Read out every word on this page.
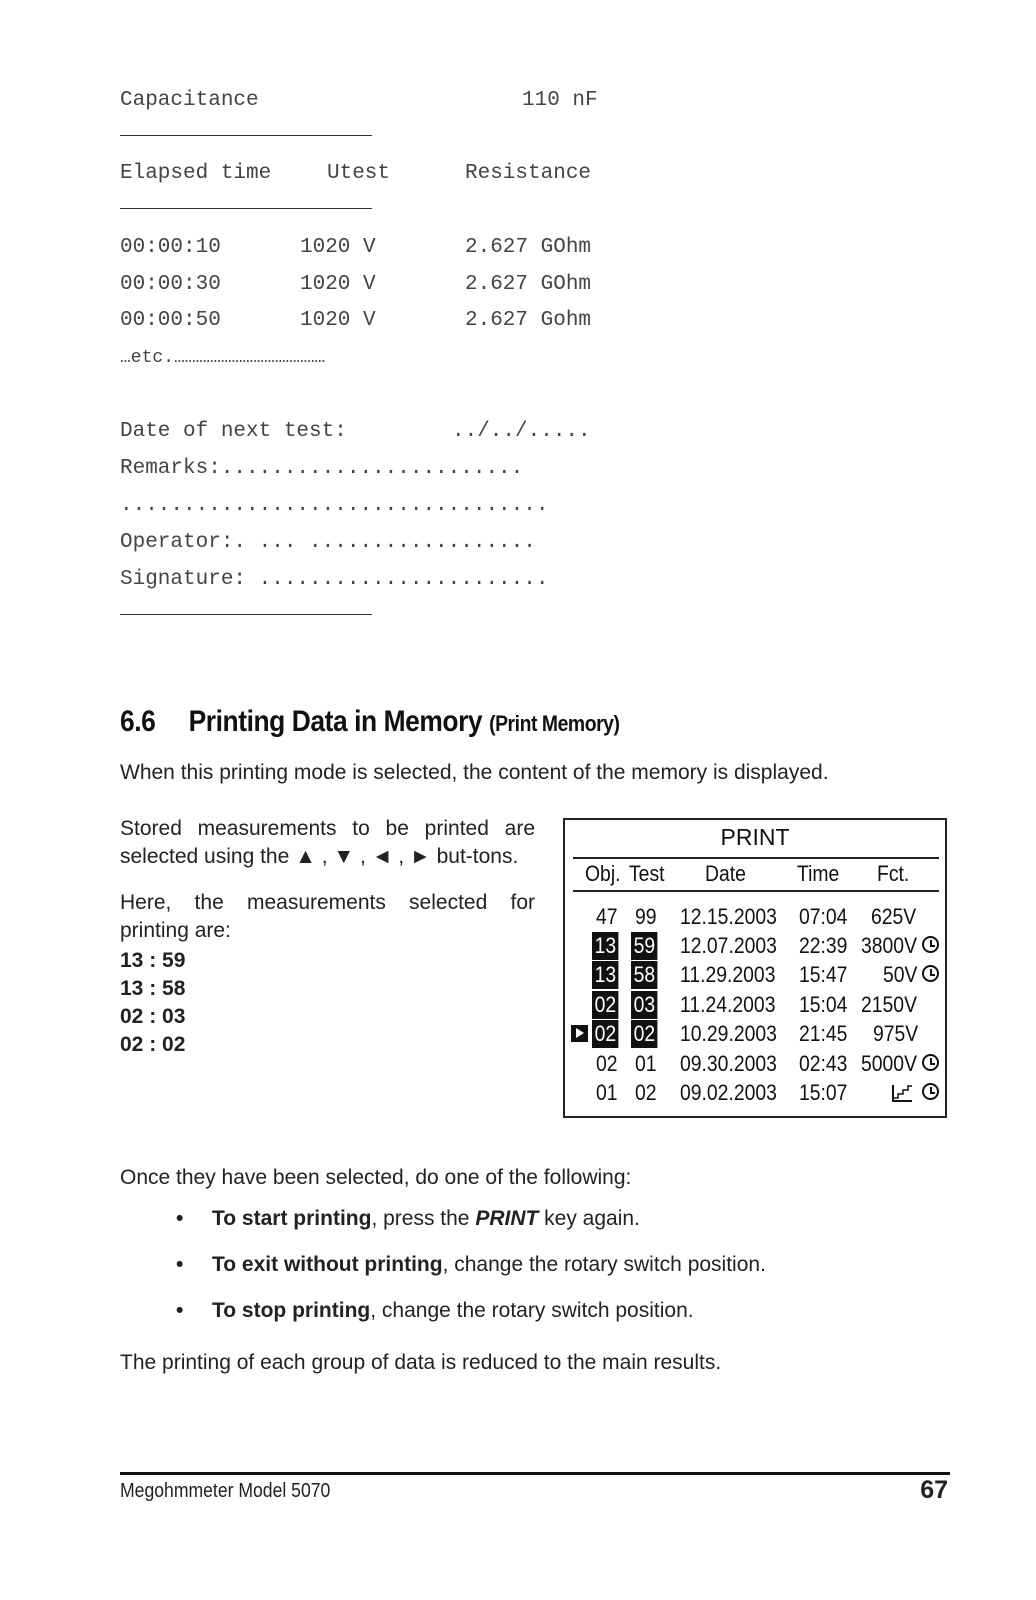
Capacitance	110 nF
Elapsed time	Utest	Resistance
00:00:10	1020 V	2.627 GOhm
00:00:30	1020 V	2.627 GOhm
00:00:50	1020 V	2.627 Gohm
…etc.……………………………………
Date of next test:	../../.....
Remarks:........................
..................................
Operator:. ... ..................
Signature: .......................
6.6 Printing Data in Memory (Print Memory)
When this printing mode is selected, the content of the memory is displayed.

Stored measurements to be printed are selected using the ▲ , ▼ , ◄ , ► but-tons.

Here, the measurements selected for printing are:

13 : 59
13 : 58
02 : 03
02 : 02
PRINT
Obj. Test Date Time Fct.
47 99 12.15.2003 07:04 625V
13 59 12.07.2003 22:39 3800V
13 58 11.29.2003 15:47 50V
02 03 11.24.2003 15:04 2150V
02 02 10.29.2003 21:45 975V
02 01 09.30.2003 02:43 5000V
01 02 09.02.2003 15:07
Once they have been selected, do one of the following:
• To start printing, press the PRINT key again.
• To exit without printing, change the rotary switch position.
• To stop printing, change the rotary switch position.
The printing of each group of data is reduced to the main results.
Megohmmeter Model 5070	67
